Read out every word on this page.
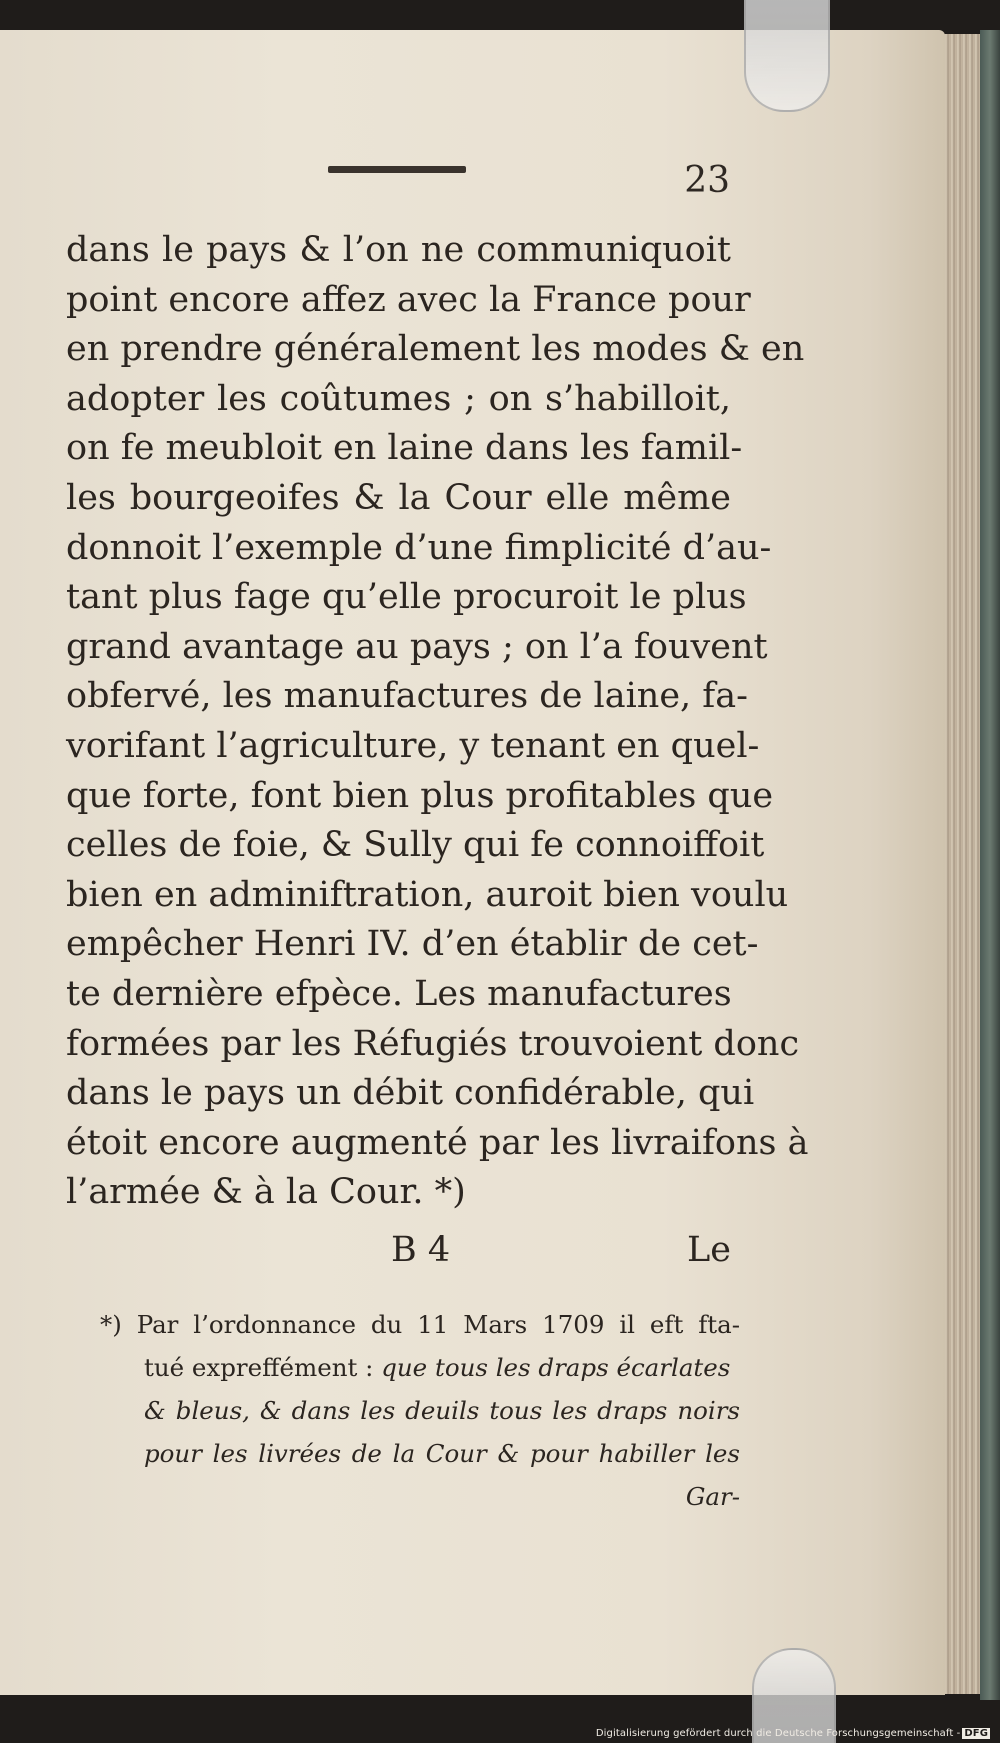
23
dans le pays & l’on ne communiquoit
point encore affez avec la France pour
en prendre généralement les modes & en
adopter les coûtumes ; on s’habilloit,
on fe meubloit en laine dans les famil-
les bourgeoifes & la Cour elle même
donnoit l’exemple d’une fimplicité d’au-
tant plus fage qu’elle procuroit le plus
grand avantage au pays ; on l’a fouvent
obfervé, les manufactures de laine, fa-
vorifant l’agriculture, y tenant en quel-
que forte, font bien plus profitables que
celles de foie, & Sully qui fe connoiffoit
bien en adminiftration, auroit bien voulu
empêcher Henri IV. d’en établir de cet-
te dernière efpèce. Les manufactures
formées par les Réfugiés trouvoient donc
dans le pays un débit confidérable, qui
étoit encore augmenté par les livraifons à
l’armée & à la Cour. *)
B 4	Le
*) Par l’ordonnance du 11 Mars 1709 il eft fta-
tué expreffément : que tous les draps écarlates
& bleus, & dans les deuils tous les draps noirs
pour les livrées de la Cour & pour habiller les
Gar-
Digitalisierung gefördert durch die Deutsche Forschungsgemeinschaft - DFG
